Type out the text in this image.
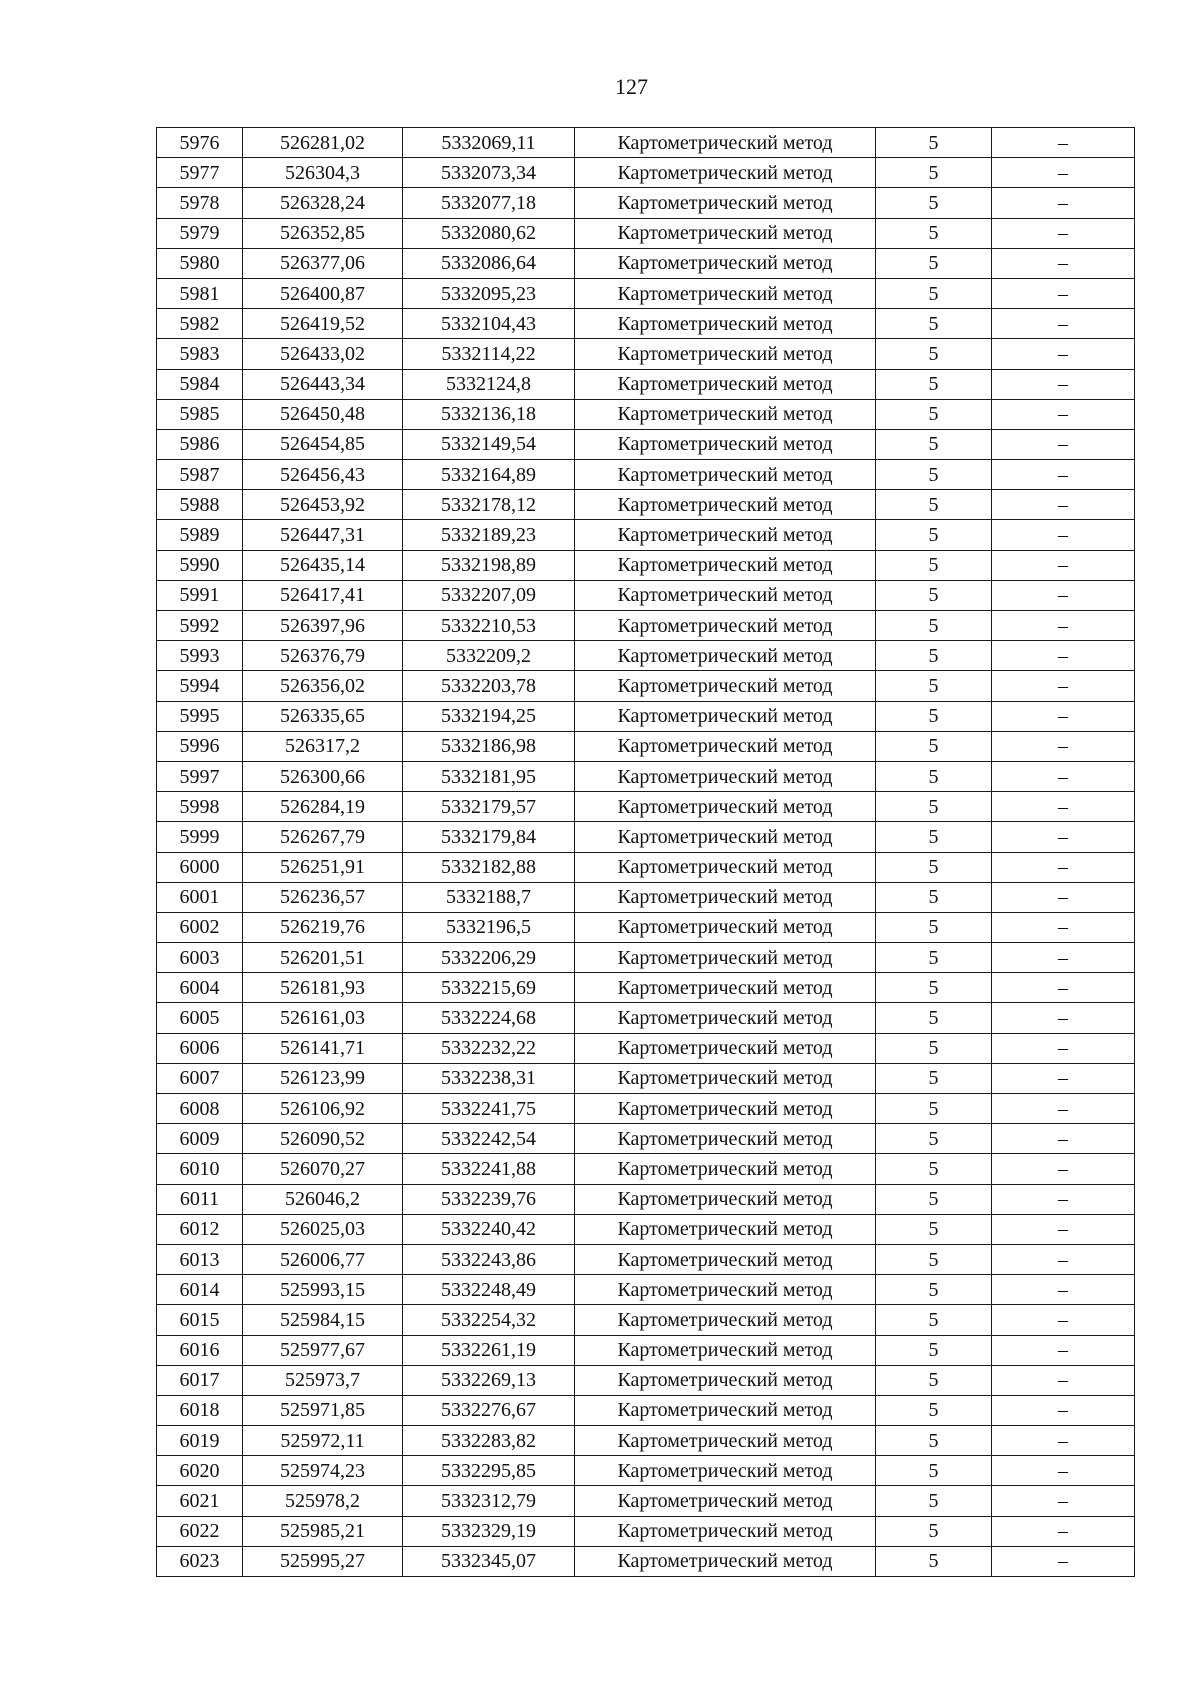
127
5976	526281,02	5332069,11	Картометрический метод	5	–
5977	526304,3	5332073,34	Картометрический метод	5	–
5978	526328,24	5332077,18	Картометрический метод	5	–
5979	526352,85	5332080,62	Картометрический метод	5	–
5980	526377,06	5332086,64	Картометрический метод	5	–
5981	526400,87	5332095,23	Картометрический метод	5	–
5982	526419,52	5332104,43	Картометрический метод	5	–
5983	526433,02	5332114,22	Картометрический метод	5	–
5984	526443,34	5332124,8	Картометрический метод	5	–
5985	526450,48	5332136,18	Картометрический метод	5	–
5986	526454,85	5332149,54	Картометрический метод	5	–
5987	526456,43	5332164,89	Картометрический метод	5	–
5988	526453,92	5332178,12	Картометрический метод	5	–
5989	526447,31	5332189,23	Картометрический метод	5	–
5990	526435,14	5332198,89	Картометрический метод	5	–
5991	526417,41	5332207,09	Картометрический метод	5	–
5992	526397,96	5332210,53	Картометрический метод	5	–
5993	526376,79	5332209,2	Картометрический метод	5	–
5994	526356,02	5332203,78	Картометрический метод	5	–
5995	526335,65	5332194,25	Картометрический метод	5	–
5996	526317,2	5332186,98	Картометрический метод	5	–
5997	526300,66	5332181,95	Картометрический метод	5	–
5998	526284,19	5332179,57	Картометрический метод	5	–
5999	526267,79	5332179,84	Картометрический метод	5	–
6000	526251,91	5332182,88	Картометрический метод	5	–
6001	526236,57	5332188,7	Картометрический метод	5	–
6002	526219,76	5332196,5	Картометрический метод	5	–
6003	526201,51	5332206,29	Картометрический метод	5	–
6004	526181,93	5332215,69	Картометрический метод	5	–
6005	526161,03	5332224,68	Картометрический метод	5	–
6006	526141,71	5332232,22	Картометрический метод	5	–
6007	526123,99	5332238,31	Картометрический метод	5	–
6008	526106,92	5332241,75	Картометрический метод	5	–
6009	526090,52	5332242,54	Картометрический метод	5	–
6010	526070,27	5332241,88	Картометрический метод	5	–
6011	526046,2	5332239,76	Картометрический метод	5	–
6012	526025,03	5332240,42	Картометрический метод	5	–
6013	526006,77	5332243,86	Картометрический метод	5	–
6014	525993,15	5332248,49	Картометрический метод	5	–
6015	525984,15	5332254,32	Картометрический метод	5	–
6016	525977,67	5332261,19	Картометрический метод	5	–
6017	525973,7	5332269,13	Картометрический метод	5	–
6018	525971,85	5332276,67	Картометрический метод	5	–
6019	525972,11	5332283,82	Картометрический метод	5	–
6020	525974,23	5332295,85	Картометрический метод	5	–
6021	525978,2	5332312,79	Картометрический метод	5	–
6022	525985,21	5332329,19	Картометрический метод	5	–
6023	525995,27	5332345,07	Картометрический метод	5	–
